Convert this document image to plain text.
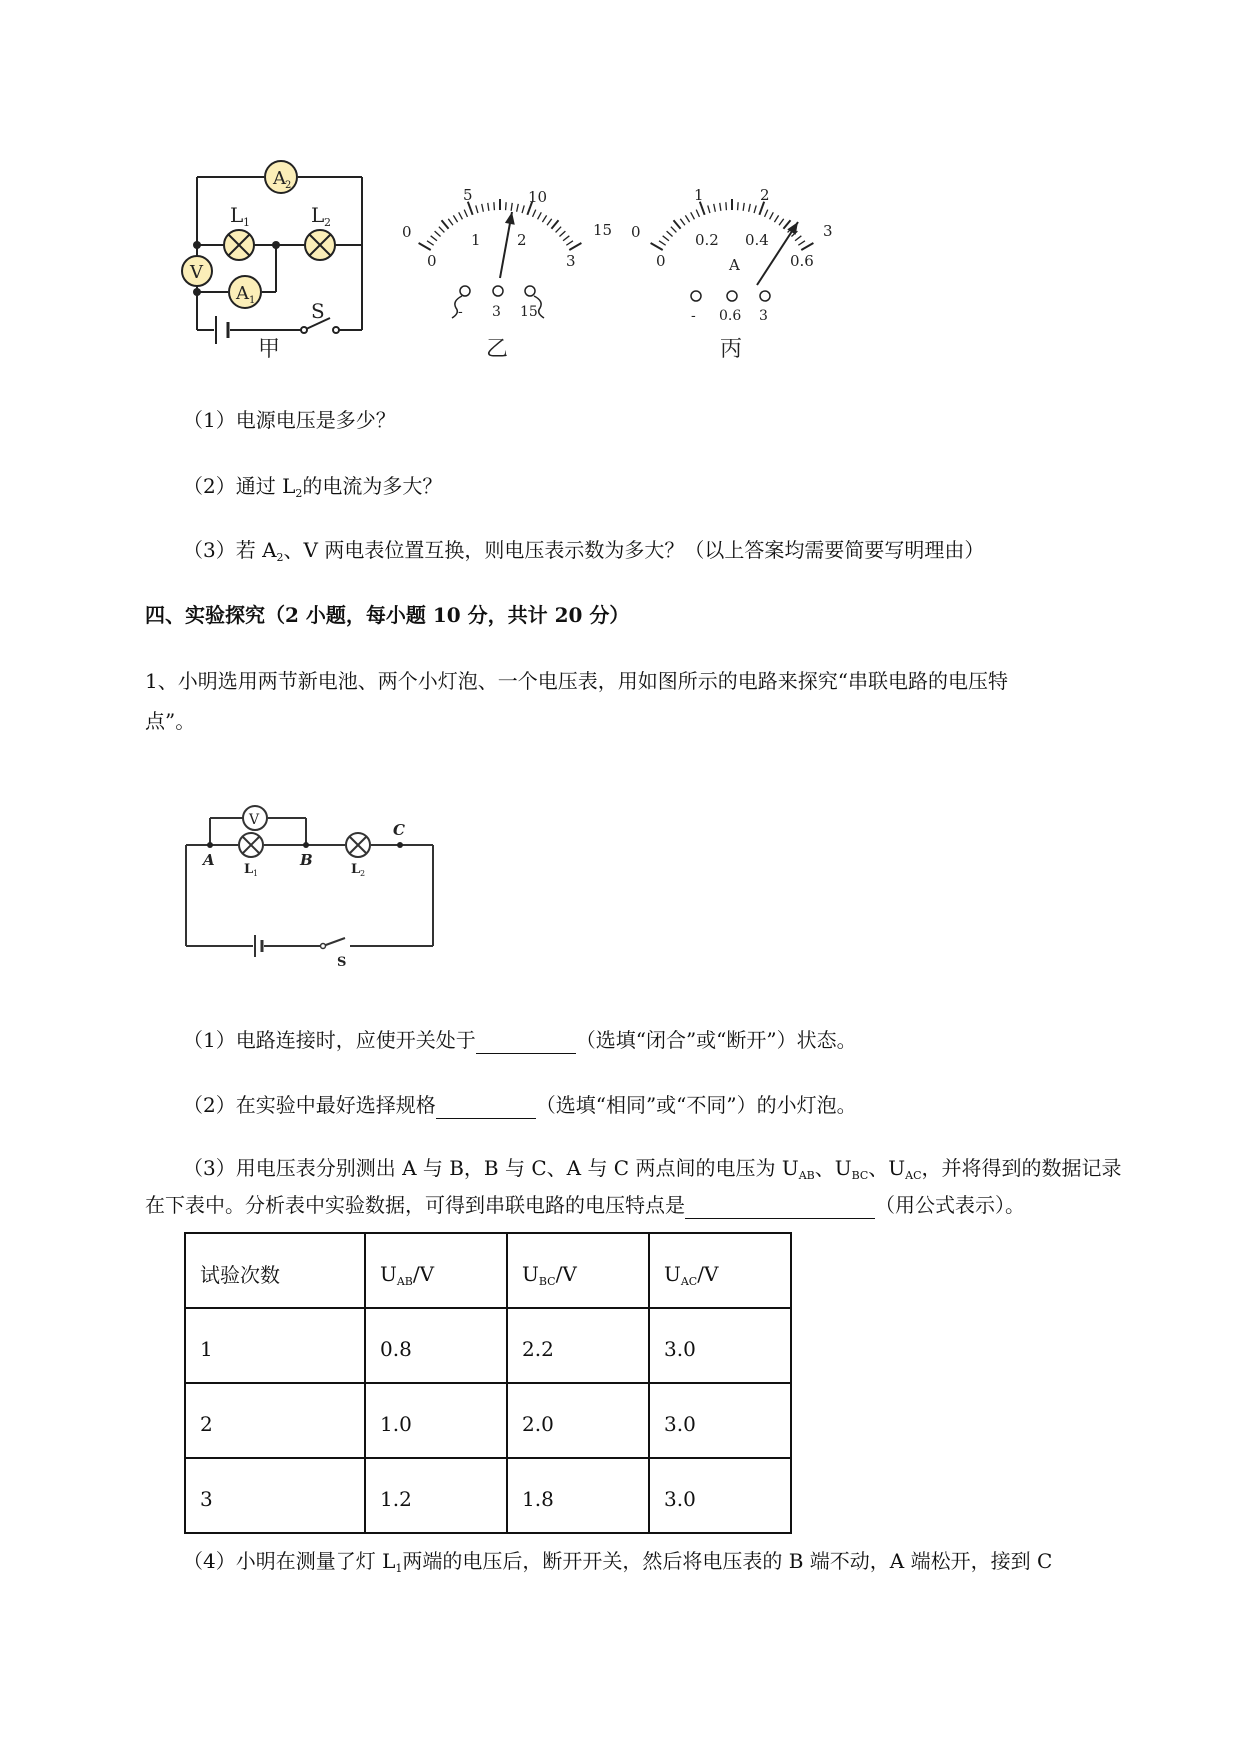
A 2
L 1	L 2
V
A 1	S
甲
0
5	10
15
0
1 2
3
- 3 15
乙
0
1	2
3
0
0.2 0.4
0.6
A
- 0.6 3
丙
（1）电源电压是多少？
（2）通过 $L_2$的电流为多大？
（3）若 $A_2$、V 两电表位置互换，则电压表示数为多大？（以上答案均需要简要写明理由）
四、实验探究（2 小题，每小题 10 分，共计 20 分）
1、小明选用两节新电池、两个小灯泡、一个电压表，用如图所示的电路来探究“串联电路的电压特
点”。
V
A	B
C
L 1	L 2
S
（1）电路连接时，应使开关处于	（选填“闭合”或“断开”）状态。
（2）在实验中最好选择规格	（选填“相同”或“不同”）的小灯泡。
（3）用电压表分别测出 A 与 B，B 与 C、A 与 C 两点间的电压为 $U_{AB}$、$U_{BC}$、$U_{AC}$，并将得到的数据记录
在下表中。分析表中实验数据，可得到串联电路的电压特点是	（用公式表示）。
试验次数	$U_{AB}/V$	$U_{BC}/V$	$U_{AC}/V$
1	0.8	2.2	3.0
2	1.0	2.0	3.0
3	1.2	1.8	3.0
（4）小明在测量了灯 $L_1$两端的电压后，断开开关，然后将电压表的 B 端不动，A 端松开，接到 C
